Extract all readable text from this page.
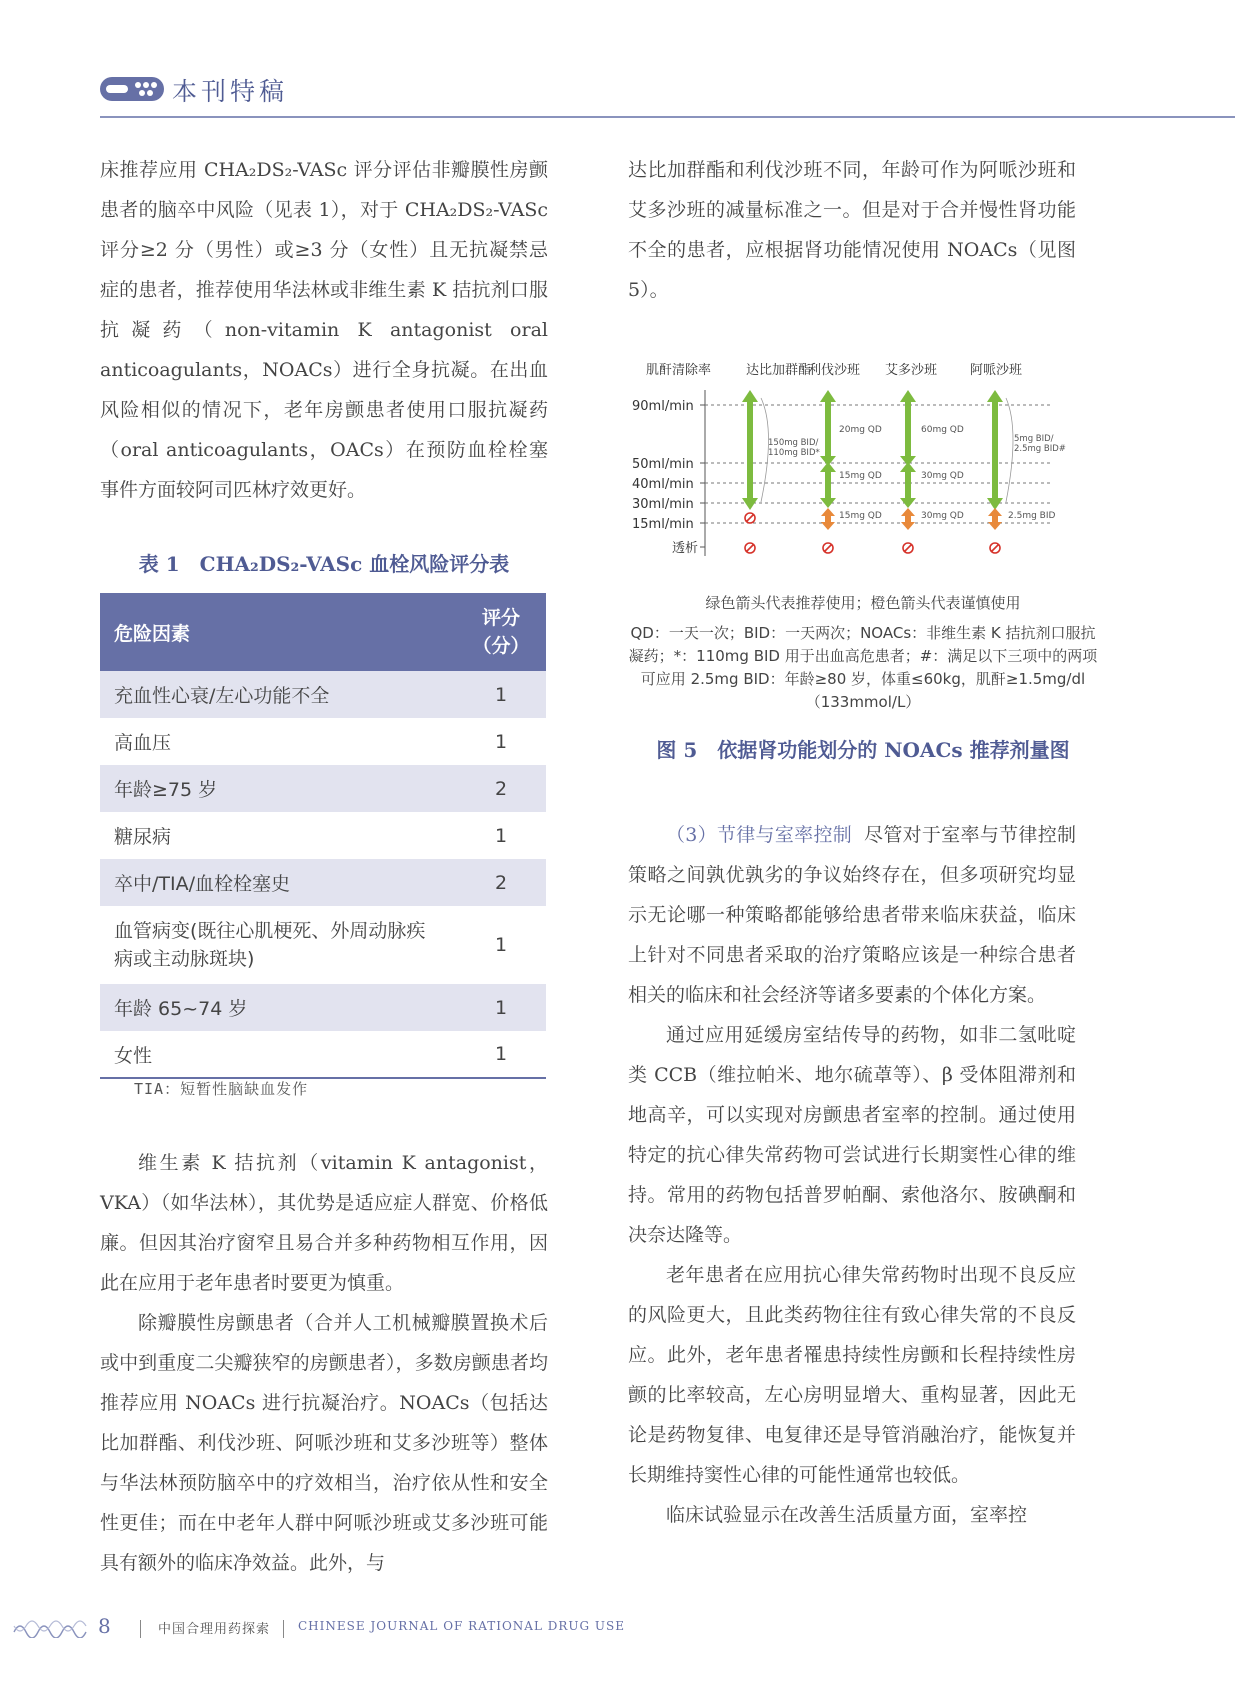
本刊特稿

床推荐应用 CHA₂DS₂-VASc 评分评估非瓣膜性房颤患者的脑卒中风险（见表 1），对于 CHA₂DS₂-VASc 评分≥2 分（男性）或≥3 分（女性）且无抗凝禁忌症的患者，推荐使用华法林或非维生素 K 拮抗剂口服抗凝药（non-vitamin K antagonist oral anticoagulants，NOACs）进行全身抗凝。在出血风险相似的情况下，老年房颤患者使用口服抗凝药（oral anticoagulants，OACs）在预防血栓栓塞事件方面较阿司匹林疗效更好。

表 1　CHA₂DS₂-VASc 血栓风险评分表
危险因素	评分（分）
充血性心衰/左心功能不全	1
高血压	1
年龄≥75 岁	2
糖尿病	1
卒中/TIA/血栓栓塞史	2
血管病变(既往心肌梗死、外周动脉疾病或主动脉斑块)	1
年龄 65~74 岁	1
女性	1
TIA：短暂性脑缺血发作

维生素 K 拮抗剂（vitamin K antagonist，VKA）（如华法林），其优势是适应症人群宽、价格低廉。但因其治疗窗窄且易合并多种药物相互作用，因此在应用于老年患者时要更为慎重。

除瓣膜性房颤患者（合并人工机械瓣膜置换术后或中到重度二尖瓣狭窄的房颤患者），多数房颤患者均推荐应用 NOACs 进行抗凝治疗。NOACs（包括达比加群酯、利伐沙班、阿哌沙班和艾多沙班等）整体与华法林预防脑卒中的疗效相当，治疗依从性和安全性更佳；而在中老年人群中阿哌沙班或艾多沙班可能具有额外的临床净效益。此外，与

达比加群酯和利伐沙班不同，年龄可作为阿哌沙班和艾多沙班的减量标准之一。但是对于合并慢性肾功能不全的患者，应根据肾功能情况使用 NOACs（见图 5）。

肌酐清除率	达比加群酯
利伐沙班 艾多沙班	阿哌沙班
90ml/min
50ml/min
40ml/min
30ml/min
15ml/min
透析
150mg BID/
110mg BID*
20mg QD
15mg QD
15mg QD
60mg QD
30mg QD
30mg QD
5mg BID/
2.5mg BID#
2.5mg BID
绿色箭头代表推荐使用；橙色箭头代表谨慎使用
QD：一天一次；BID：一天两次；NOACs：非维生素 K 拮抗剂口服抗
凝药；*：110mg BID 用于出血高危患者；#：满足以下三项中的两项
可应用 2.5mg BID：年龄≥80 岁，体重≤60kg，肌酐≥1.5mg/dl
（133mmol/L）
图 5　依据肾功能划分的 NOACs 推荐剂量图

（3）节律与室率控制 尽管对于室率与节律控制策略之间孰优孰劣的争议始终存在，但多项研究均显示无论哪一种策略都能够给患者带来临床获益，临床上针对不同患者采取的治疗策略应该是一种综合患者相关的临床和社会经济等诸多要素的个体化方案。

通过应用延缓房室结传导的药物，如非二氢吡啶类 CCB（维拉帕米、地尔硫䓬等）、β 受体阻滞剂和地高辛，可以实现对房颤患者室率的控制。通过使用特定的抗心律失常药物可尝试进行长期窦性心律的维持。常用的药物包括普罗帕酮、索他洛尔、胺碘酮和决奈达隆等。

老年患者在应用抗心律失常药物时出现不良反应的风险更大，且此类药物往往有致心律失常的不良反应。此外，老年患者罹患持续性房颤和长程持续性房颤的比率较高，左心房明显增大、重构显著，因此无论是药物复律、电复律还是导管消融治疗，能恢复并长期维持窦性心律的可能性通常也较低。

临床试验显示在改善生活质量方面，室率控

8	中国合理用药探索 CHINESE JOURNAL OF RATIONAL DRUG USE
